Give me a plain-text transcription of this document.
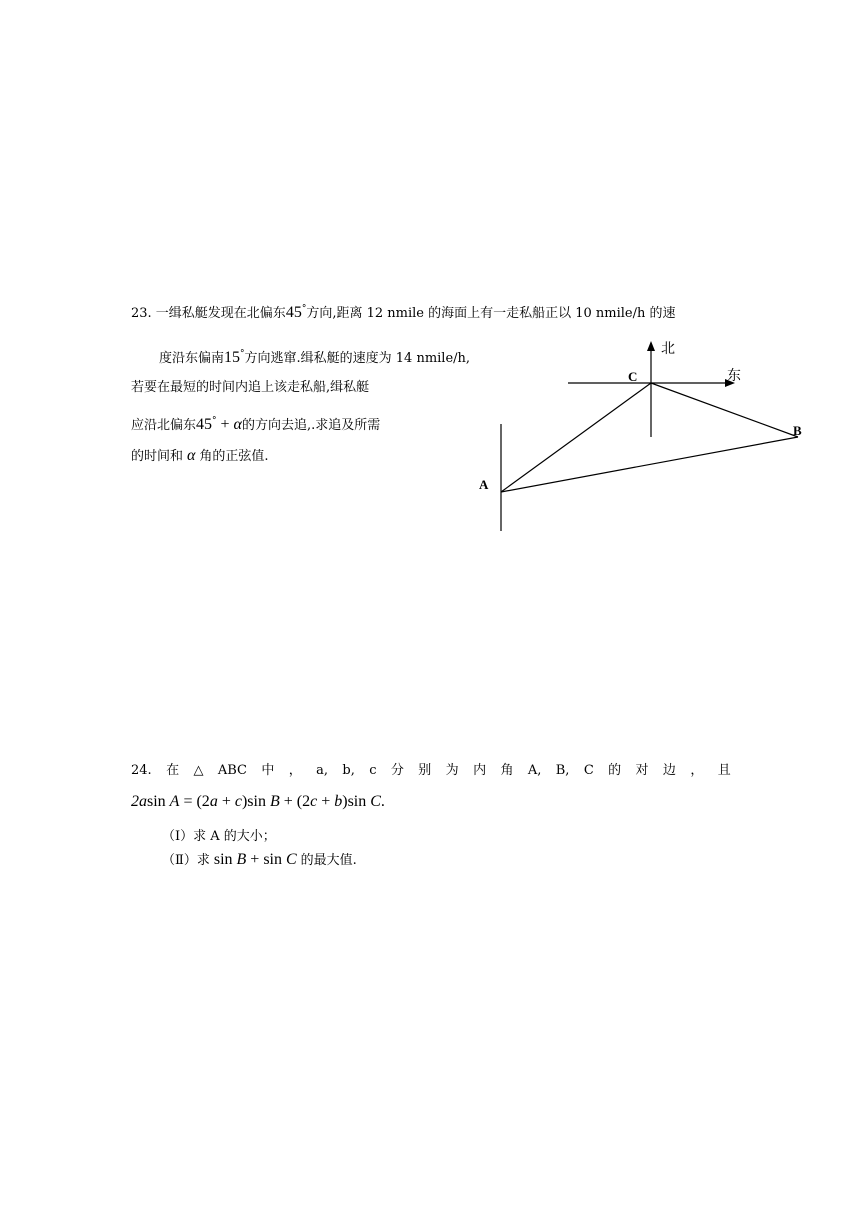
23. 一缉私艇发现在北偏东45°方向,距离 12 nmile 的海面上有一走私船正以 10 nmile/h 的速
度沿东偏南15°方向逃窜.缉私艇的速度为 14 nmile/h,
若要在最短的时间内追上该走私船,缉私艇
应沿北偏东45° + α的方向去追,.求追及所需
的时间和 α 角的正弦值.
北
东
C
B
A
24. 在 △ ABC 中 ， a, b, c 分 别 为 内 角 A, B, C 的 对 边 ， 且
2asin A = (2a + c)sin B + (2c + b)sin C.
（Ⅰ）求 A 的大小；
（Ⅱ）求 sin B + sin C 的最大值.
